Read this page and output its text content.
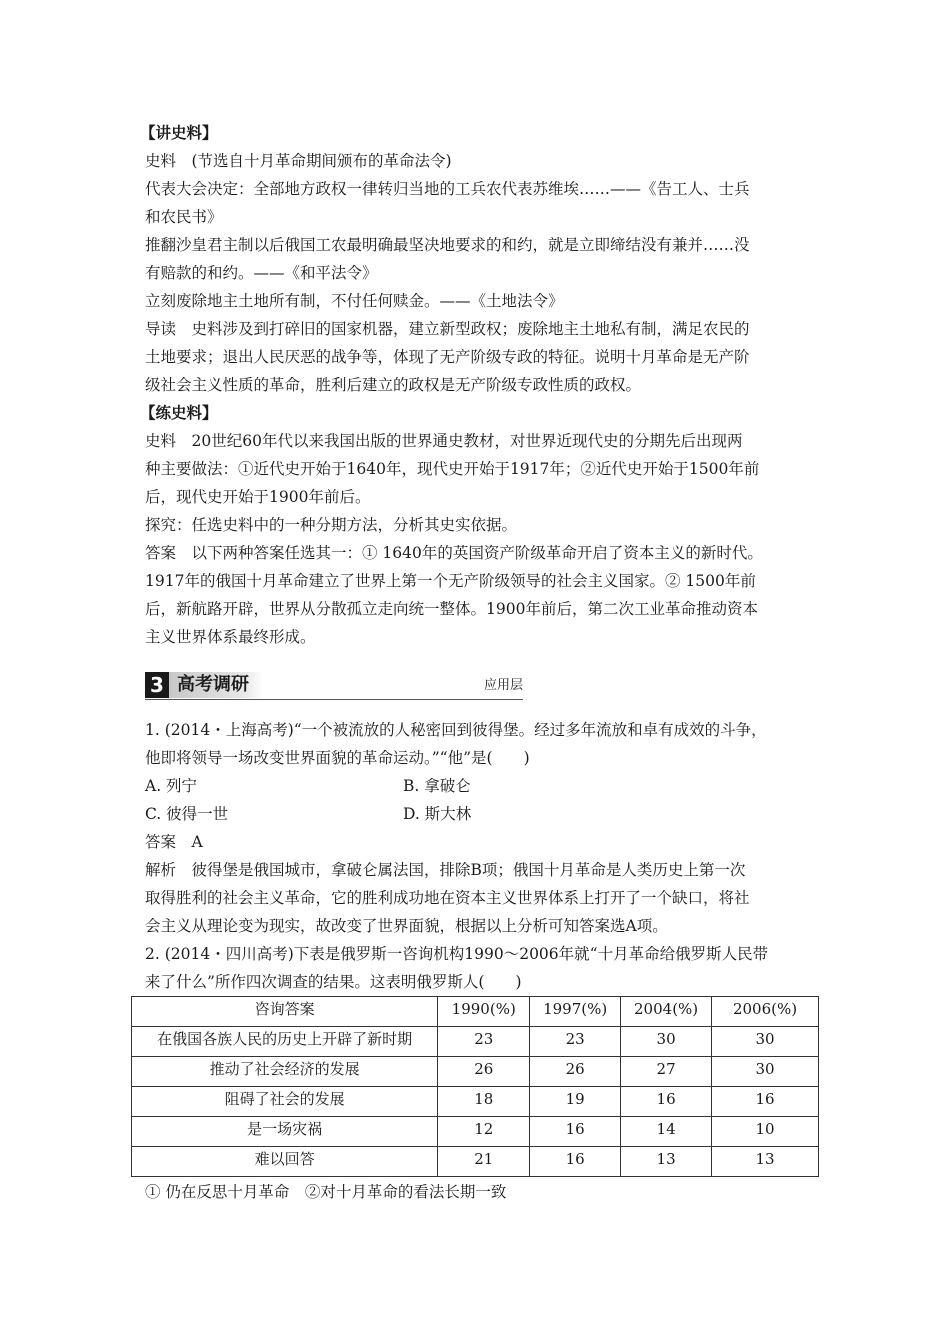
【讲史料】
史料　(节选自十月革命期间颁布的革命法令)
代表大会决定：全部地方政权一律转归当地的工兵农代表苏维埃……——《告工人、士兵
和农民书》
推翻沙皇君主制以后俄国工农最明确最坚决地要求的和约，就是立即缔结没有兼并……没
有赔款的和约。——《和平法令》
立刻废除地主土地所有制，不付任何赎金。——《土地法令》
导读　史料涉及到打碎旧的国家机器，建立新型政权；废除地主土地私有制，满足农民的
土地要求；退出人民厌恶的战争等，体现了无产阶级专政的特征。说明十月革命是无产阶
级社会主义性质的革命，胜利后建立的政权是无产阶级专政性质的政权。
【练史料】
史料　20世纪60年代以来我国出版的世界通史教材，对世界近现代史的分期先后出现两
种主要做法：①近代史开始于1640年，现代史开始于1917年；②近代史开始于1500年前
后，现代史开始于1900年前后。
探究：任选史料中的一种分期方法，分析其史实依据。
答案　以下两种答案任选其一：① 1640年的英国资产阶级革命开启了资本主义的新时代。
1917年的俄国十月革命建立了世界上第一个无产阶级领导的社会主义国家。② 1500年前
后，新航路开辟，世界从分散孤立走向统一整体。1900年前后，第二次工业革命推动资本
主义世界体系最终形成。
3 高考调研	应用层
1. (2014・上海高考)“一个被流放的人秘密回到彼得堡。经过多年流放和卓有成效的斗争，
他即将领导一场改变世界面貌的革命运动。”“他”是(　　)
A. 列宁	B. 拿破仑
C. 彼得一世	D. 斯大林
答案　A
解析　彼得堡是俄国城市，拿破仑属法国，排除B项；俄国十月革命是人类历史上第一次
取得胜利的社会主义革命，它的胜利成功地在资本主义世界体系上打开了一个缺口，将社
会主义从理论变为现实，故改变了世界面貌，根据以上分析可知答案选A项。
2. (2014・四川高考)下表是俄罗斯一咨询机构1990～2006年就“十月革命给俄罗斯人民带
来了什么”所作四次调查的结果。这表明俄罗斯人(　　)
咨询答案	1990(%)	1997(%)	2004(%)	2006(%)
在俄国各族人民的历史上开辟了新时期	23	23	30	30
推动了社会经济的发展	26	26	27	30
阻碍了社会的发展	18	19	16	16
是一场灾祸	12	16	14	10
难以回答	21	16	13	13
① 仍在反思十月革命　②对十月革命的看法长期一致
